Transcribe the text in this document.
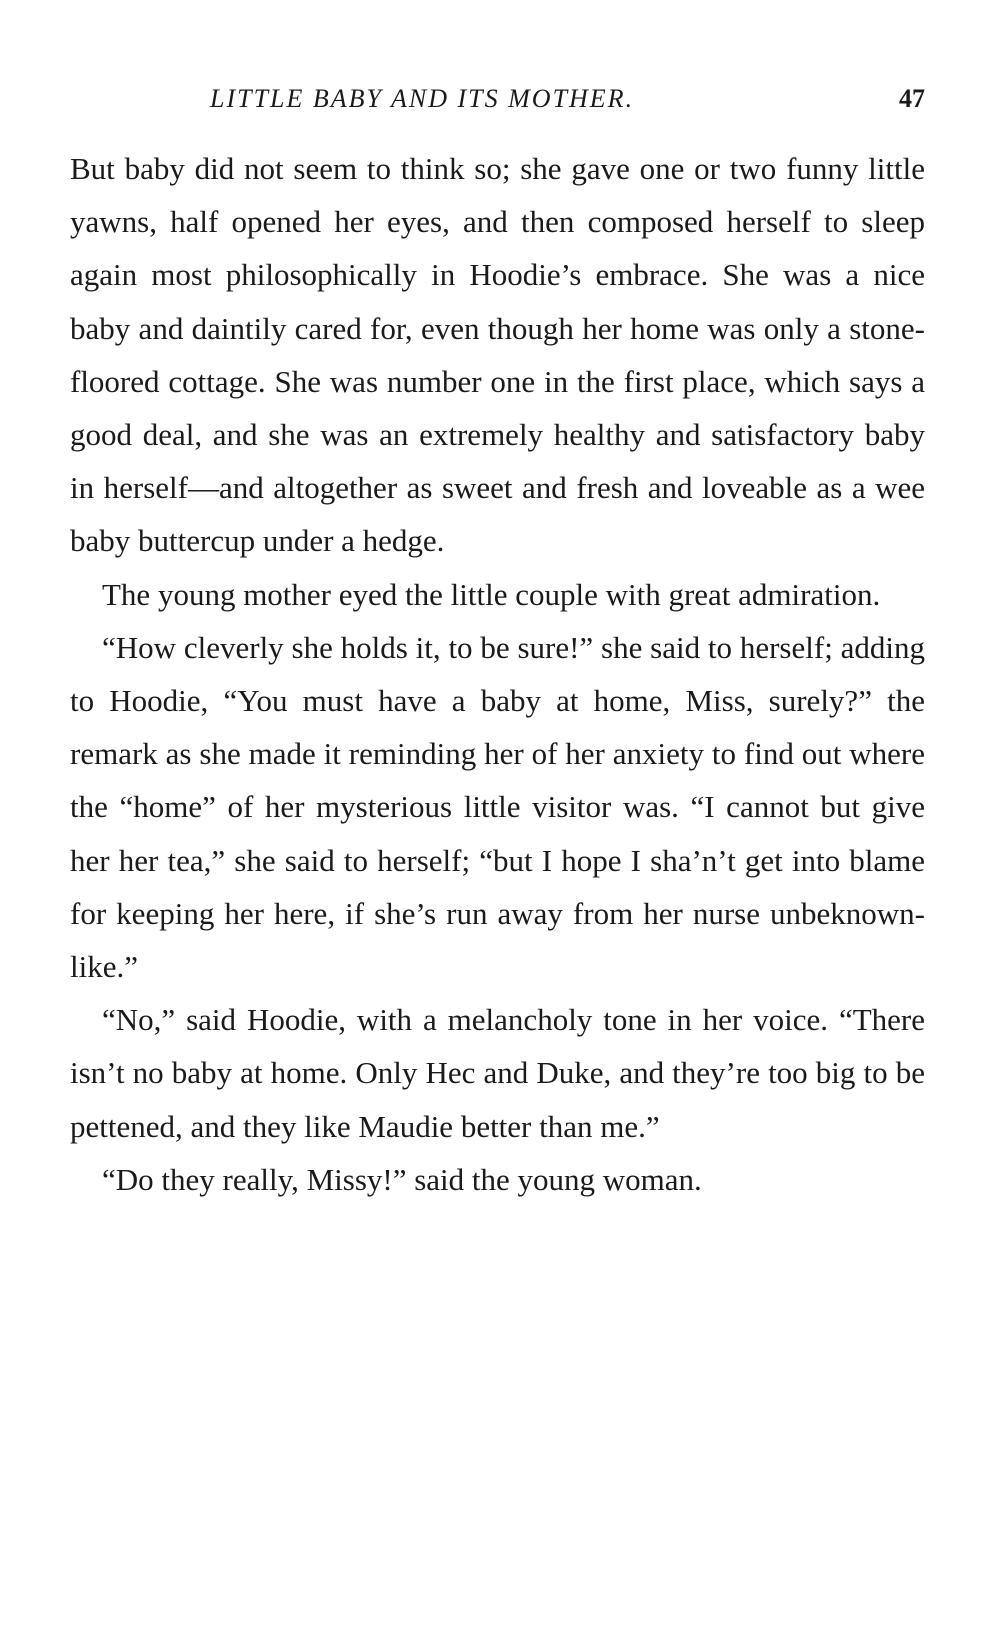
LITTLE BABY AND ITS MOTHER.	47

But baby did not seem to think so; she gave one or two funny little yawns, half opened her eyes, and then composed herself to sleep again most philosophically in Hoodie’s embrace. She was a nice baby and daintily cared for, even though her home was only a stone-floored cottage. She was number one in the first place, which says a good deal, and she was an extremely healthy and satisfactory baby in herself—and altogether as sweet and fresh and loveable as a wee baby buttercup under a hedge.

The young mother eyed the little couple with great admiration.

“How cleverly she holds it, to be sure!” she said to herself; adding to Hoodie, “You must have a baby at home, Miss, surely?” the remark as she made it reminding her of her anxiety to find out where the “home” of her mysterious little visitor was. “I cannot but give her her tea,” she said to herself; “but I hope I sha’n’t get into blame for keeping her here, if she’s run away from her nurse unbeknown-like.”

“No,” said Hoodie, with a melancholy tone in her voice. “There isn’t no baby at home. Only Hec and Duke, and they’re too big to be pettened, and they like Maudie better than me.”

“Do they really, Missy!” said the young woman.
